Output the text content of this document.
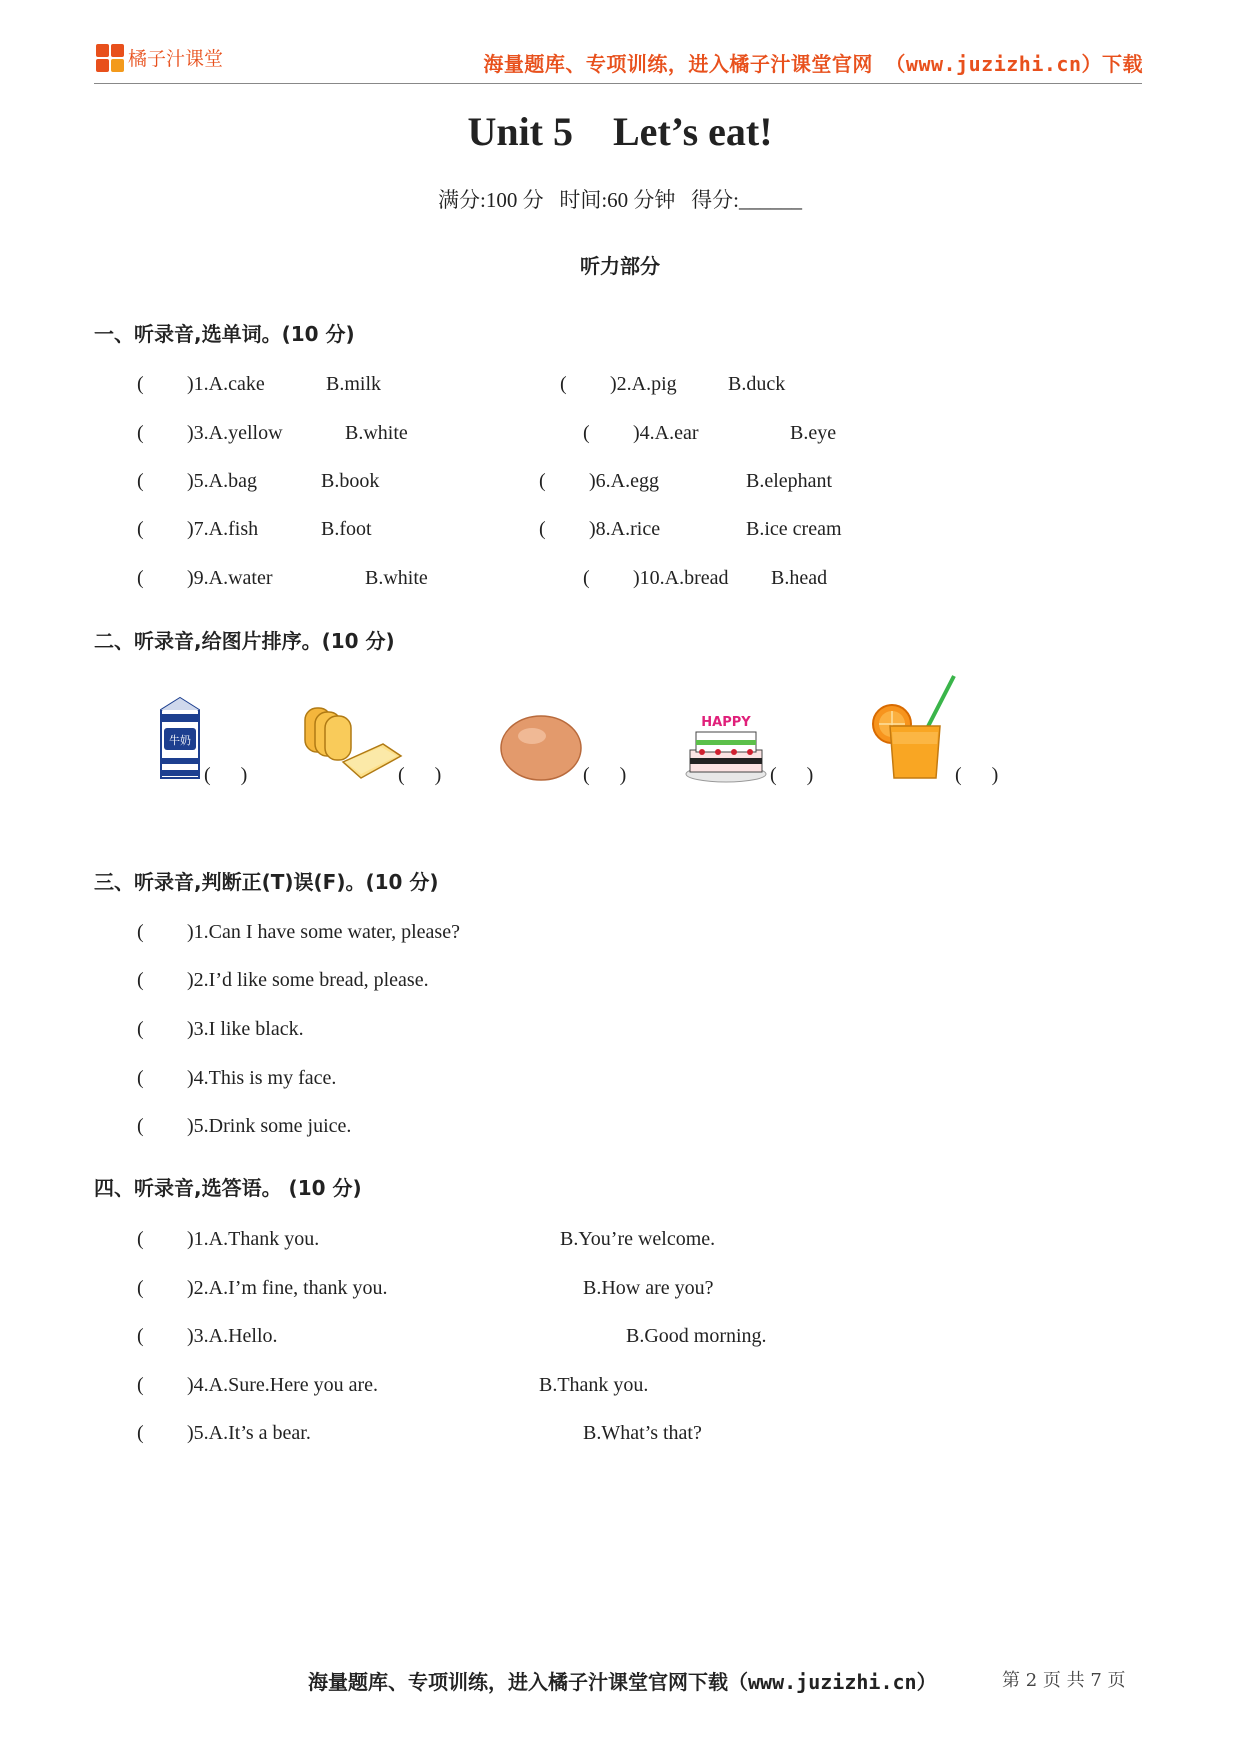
橘子汁课堂	海量题库、专项训练，进入橘子汁课堂官网 （www.juzizhi.cn）下载
Unit 5    Let’s eat!
满分:100 分   时间:60 分钟   得分:______
听力部分
一、听录音,选单词。(10 分)
( )1.A.cake	B.milk	( )2.A.pig	B.duck
( )3.A.yellow	B.white	( )4.A.ear	B.eye
( )5.A.bag	B.book	( )6.A.egg	B.elephant
( )7.A.fish	B.foot	( )8.A.rice	B.ice cream
( )9.A.water	B.white	( )10.A.bread B.head
二、听录音,给图片排序。(10 分)
牛奶
(      )	(      )	(      )
HAPPY
(      )	(      )
三、听录音,判断正(T)误(F)。(10 分)
( )1.Can I have some water, please?
( )2.I’d like some bread, please.
( )3.I like black.
( )4.This is my face.
( )5.Drink some juice.
四、听录音,选答语。 (10 分)
( )1.A.Thank you.	B.You’re welcome.
( )2.A.I’m fine, thank you.	B.How are you?
( )3.A.Hello.	B.Good morning.
( )4.A.Sure.Here you are.	B.Thank you.
( )5.A.It’s a bear.	B.What’s that?
海量题库、专项训练，进入橘子汁课堂官网下载（www.juzizhi.cn）	第 2 页 共 7 页
